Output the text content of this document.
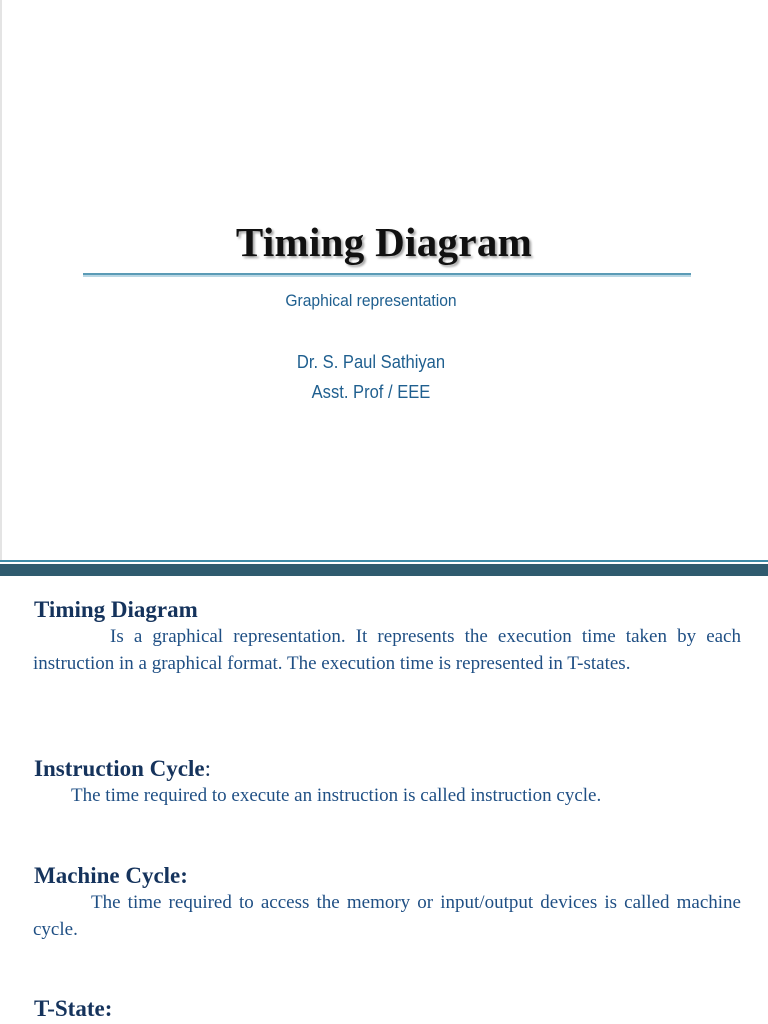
Timing Diagram
Graphical representation
Dr. S. Paul Sathiyan
Asst. Prof / EEE
Timing Diagram
Is a graphical representation. It represents the execution time taken by each instruction in a graphical format. The execution time is represented in T-states.
Instruction Cycle:
The time required to execute an instruction is called instruction cycle.
Machine Cycle:
The time required to access the memory or input/output devices is called machine cycle.
T-State:
